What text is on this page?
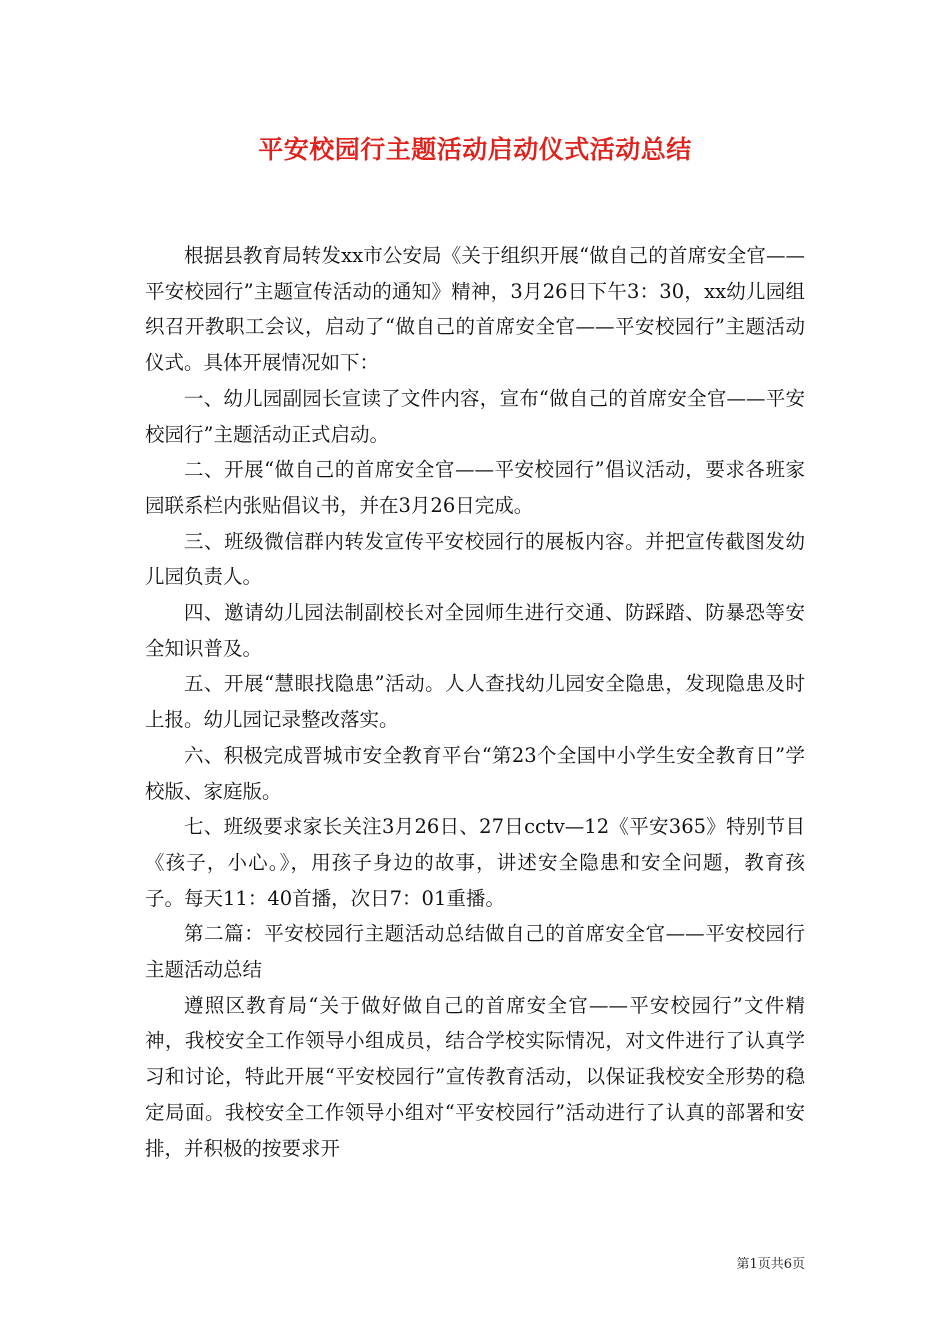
平安校园行主题活动启动仪式活动总结

根据县教育局转发xx市公安局《关于组织开展“做自己的首席安全官——平安校园行”主题宣传活动的通知》精神，3月26日下午3：30，xx幼儿园组织召开教职工会议，启动了“做自己的首席安全官——平安校园行”主题活动仪式。具体开展情况如下：

一、幼儿园副园长宣读了文件内容，宣布“做自己的首席安全官——平安校园行”主题活动正式启动。

二、开展“做自己的首席安全官——平安校园行”倡议活动，要求各班家园联系栏内张贴倡议书，并在3月26日完成。

三、班级微信群内转发宣传平安校园行的展板内容。并把宣传截图发幼儿园负责人。

四、邀请幼儿园法制副校长对全园师生进行交通、防踩踏、防暴恐等安全知识普及。

五、开展“慧眼找隐患”活动。人人查找幼儿园安全隐患，发现隐患及时上报。幼儿园记录整改落实。

六、积极完成晋城市安全教育平台“第23个全国中小学生安全教育日”学校版、家庭版。

七、班级要求家长关注3月26日、27日cctv—12《平安365》特别节目《孩子，小心。》，用孩子身边的故事，讲述安全隐患和安全问题，教育孩子。每天11：40首播，次日7：01重播。

第二篇：平安校园行主题活动总结做自己的首席安全官——平安校园行主题活动总结

遵照区教育局“关于做好做自己的首席安全官——平安校园行”文件精神，我校安全工作领导小组成员，结合学校实际情况，对文件进行了认真学习和讨论，特此开展“平安校园行”宣传教育活动，以保证我校安全形势的稳定局面。我校安全工作领导小组对“平安校园行”活动进行了认真的部署和安排，并积极的按要求开

第1页共6页
